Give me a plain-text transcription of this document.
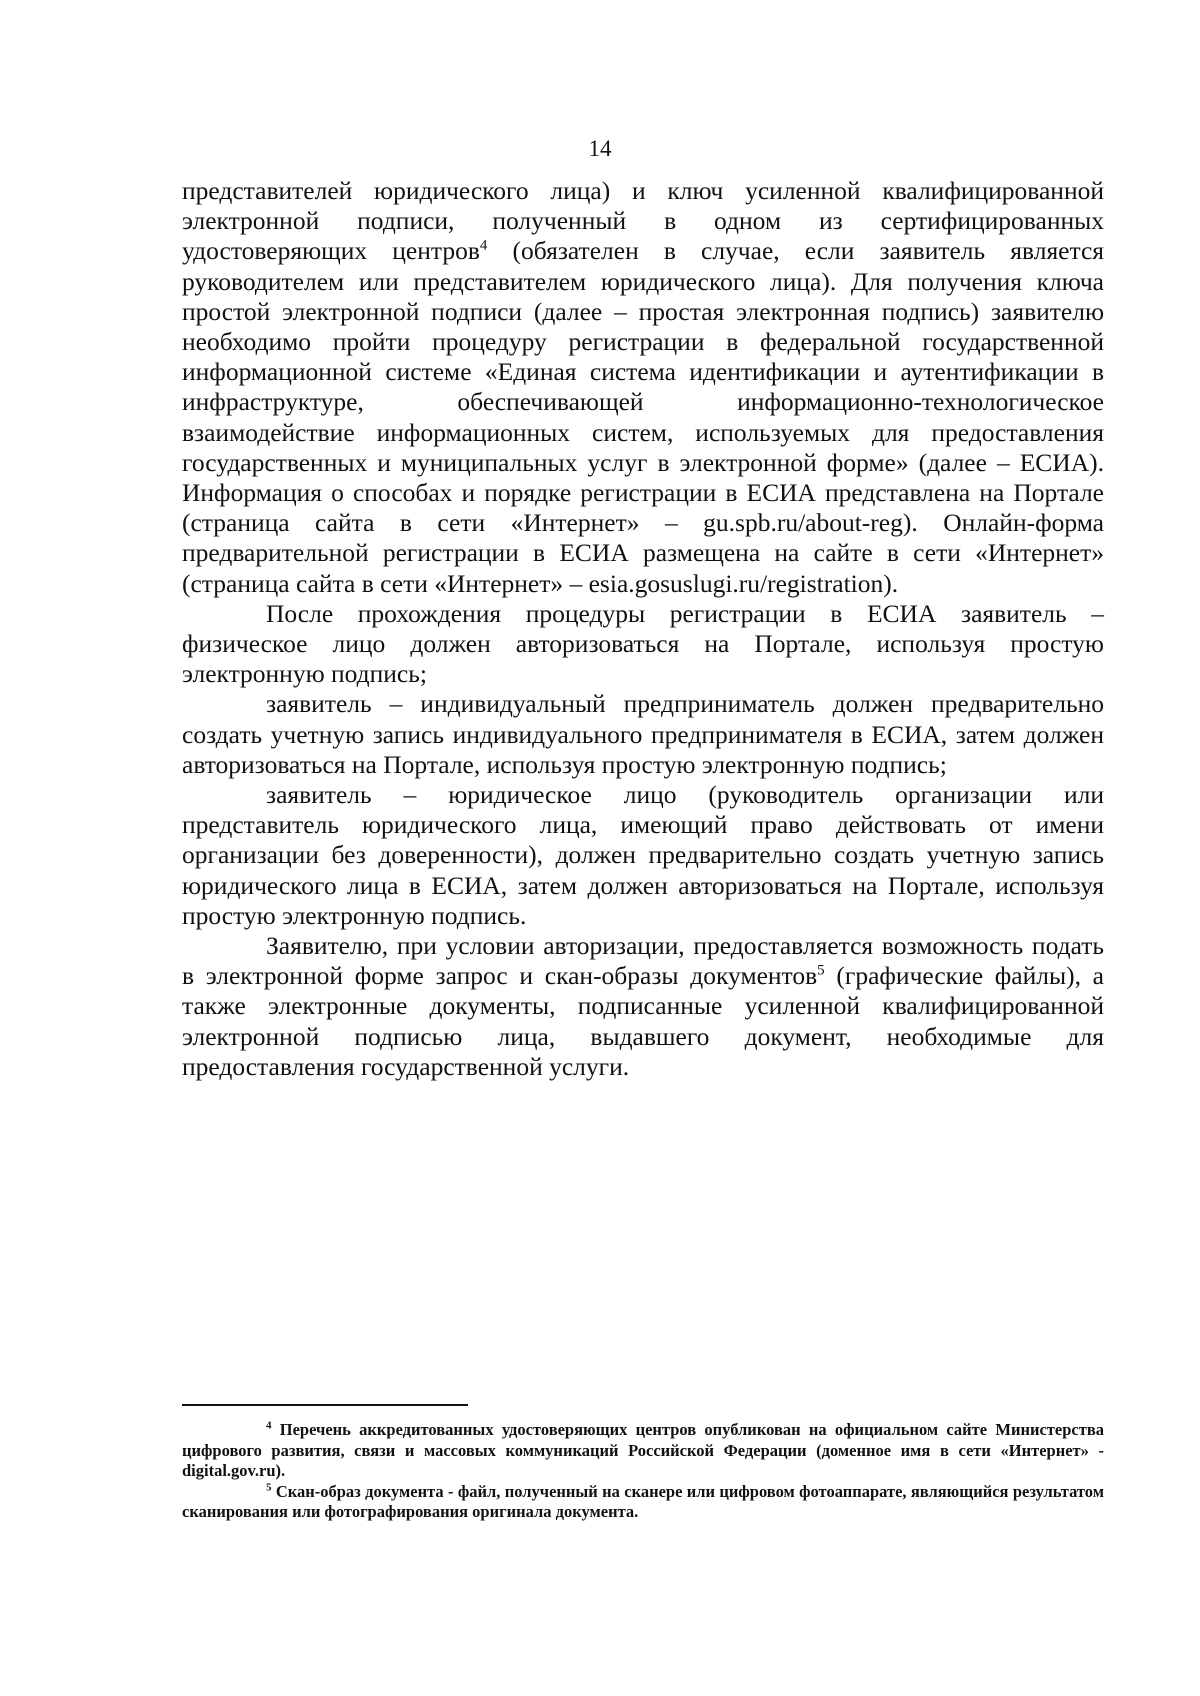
14

представителей юридического лица) и ключ усиленной квалифицированной электронной подписи, полученный в одном из сертифицированных удостоверяющих центров$^4$ (обязателен в случае, если заявитель является руководителем или представителем юридического лица). Для получения ключа простой электронной подписи (далее – простая электронная подпись) заявителю необходимо пройти процедуру регистрации в федеральной государственной информационной системе «Единая система идентификации и аутентификации в инфраструктуре, обеспечивающей информационно-технологическое взаимодействие информационных систем, используемых для предоставления государственных и муниципальных услуг в электронной форме» (далее – ЕСИА). Информация о способах и порядке регистрации в ЕСИА представлена на Портале (страница сайта в сети «Интернет» – gu.spb.ru/about-reg). Онлайн-форма предварительной регистрации в ЕСИА размещена на сайте в сети «Интернет» (страница сайта в сети «Интернет» – esia.gosuslugi.ru/registration).

После прохождения процедуры регистрации в ЕСИА заявитель – физическое лицо должен авторизоваться на Портале, используя простую электронную подпись;

заявитель – индивидуальный предприниматель должен предварительно создать учетную запись индивидуального предпринимателя в ЕСИА, затем должен авторизоваться на Портале, используя простую электронную подпись;

заявитель – юридическое лицо (руководитель организации или представитель юридического лица, имеющий право действовать от имени организации без доверенности), должен предварительно создать учетную запись юридического лица в ЕСИА, затем должен авторизоваться на Портале, используя простую электронную подпись.

Заявителю, при условии авторизации, предоставляется возможность подать в электронной форме запрос и скан-образы документов$^5$ (графические файлы), а также электронные документы, подписанные усиленной квалифицированной электронной подписью лица, выдавшего документ, необходимые для предоставления государственной услуги.

$^4$ Перечень аккредитованных удостоверяющих центров опубликован на официальном сайте Министерства цифрового развития, связи и массовых коммуникаций Российской Федерации (доменное имя в сети «Интернет» - digital.gov.ru).

$^5$ Скан-образ документа - файл, полученный на сканере или цифровом фотоаппарате, являющийся результатом сканирования или фотографирования оригинала документа.
